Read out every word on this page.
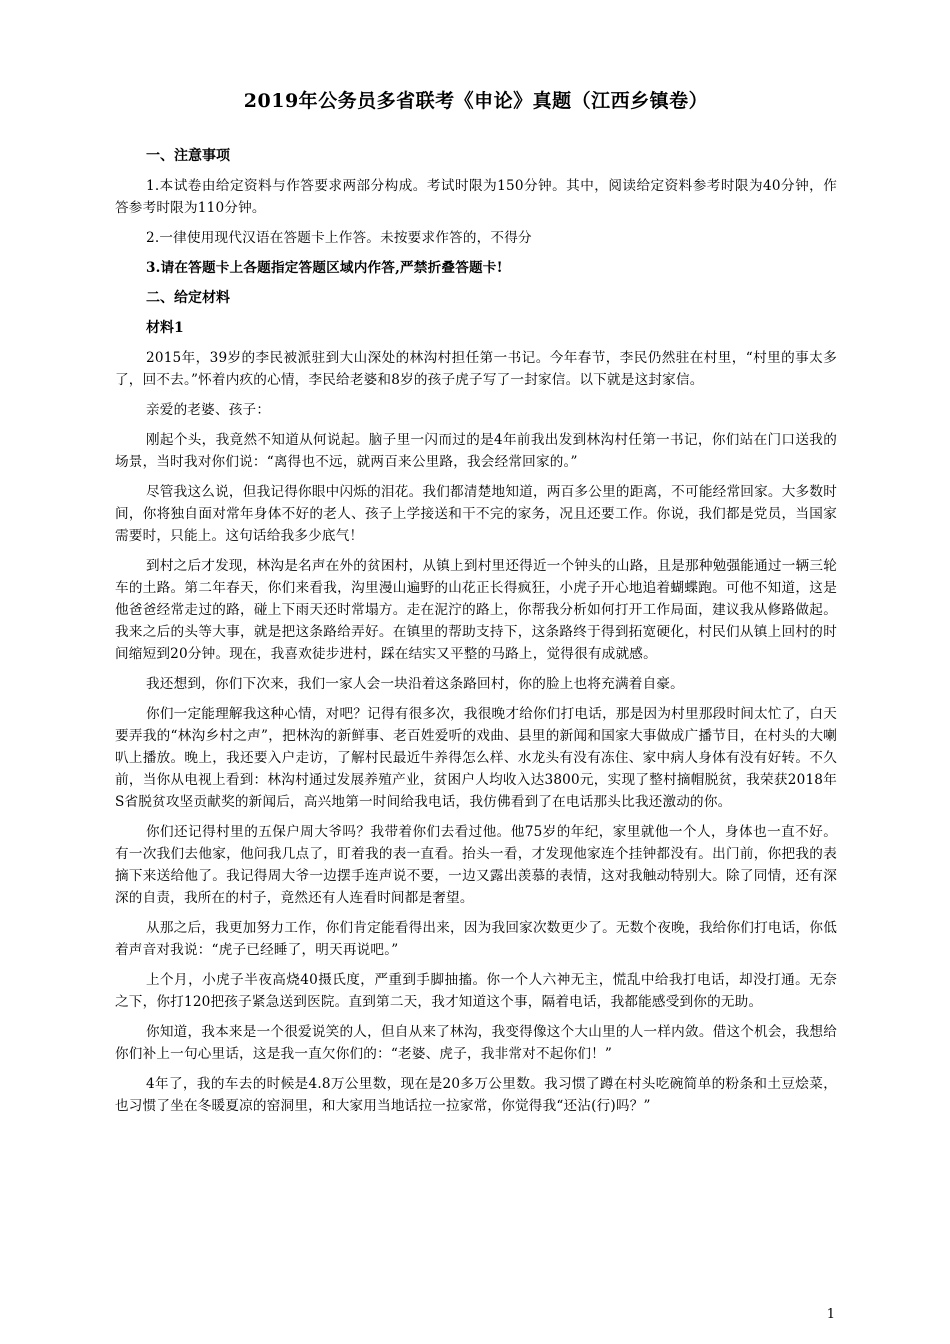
2019年公务员多省联考《申论》真题（江西乡镇卷）
一、注意事项

1.本试卷由给定资料与作答要求两部分构成。考试时限为150分钟。其中，阅读给定资料参考时限为40分钟，作答参考时限为110分钟。

2.一律使用现代汉语在答题卡上作答。未按要求作答的，不得分

3.请在答题卡上各题指定答题区域内作答,严禁折叠答题卡!

二、给定材料
材料1

2015年，39岁的李民被派驻到大山深处的林沟村担任第一书记。今年春节，李民仍然驻在村里，“村里的事太多了，回不去。”怀着内疚的心情，李民给老婆和8岁的孩子虎子写了一封家信。以下就是这封家信。

亲爱的老婆、孩子：

刚起个头，我竟然不知道从何说起。脑子里一闪而过的是4年前我出发到林沟村任第一书记，你们站在门口送我的场景，当时我对你们说：“离得也不远，就两百来公里路，我会经常回家的。”

尽管我这么说，但我记得你眼中闪烁的泪花。我们都清楚地知道，两百多公里的距离，不可能经常回家。大多数时间，你将独自面对常年身体不好的老人、孩子上学接送和干不完的家务，况且还要工作。你说，我们都是党员，当国家需要时，只能上。这句话给我多少底气！

到村之后才发现，林沟是名声在外的贫困村，从镇上到村里还得近一个钟头的山路，且是那种勉强能通过一辆三轮车的土路。第二年春天，你们来看我，沟里漫山遍野的山花正长得疯狂，小虎子开心地追着蝴蝶跑。可他不知道，这是他爸爸经常走过的路，碰上下雨天还时常塌方。走在泥泞的路上，你帮我分析如何打开工作局面，建议我从修路做起。我来之后的头等大事，就是把这条路给弄好。在镇里的帮助支持下，这条路终于得到拓宽硬化，村民们从镇上回村的时间缩短到20分钟。现在，我喜欢徒步进村，踩在结实又平整的马路上，觉得很有成就感。

我还想到，你们下次来，我们一家人会一块沿着这条路回村，你的脸上也将充满着自豪。

你们一定能理解我这种心情，对吧？记得有很多次，我很晚才给你们打电话，那是因为村里那段时间太忙了，白天要弄我的“林沟乡村之声”，把林沟的新鲜事、老百姓爱听的戏曲、县里的新闻和国家大事做成广播节目，在村头的大喇叭上播放。晚上，我还要入户走访，了解村民最近牛养得怎么样、水龙头有没有冻住、家中病人身体有没有好转。不久前，当你从电视上看到：林沟村通过发展养殖产业，贫困户人均收入达3800元，实现了整村摘帽脱贫，我荣获2018年S省脱贫攻坚贡献奖的新闻后，高兴地第一时间给我电话，我仿佛看到了在电话那头比我还激动的你。

你们还记得村里的五保户周大爷吗？我带着你们去看过他。他75岁的年纪，家里就他一个人，身体也一直不好。有一次我们去他家，他问我几点了，盯着我的表一直看。抬头一看，才发现他家连个挂钟都没有。出门前，你把我的表摘下来送给他了。我记得周大爷一边摆手连声说不要，一边又露出羡慕的表情，这对我触动特别大。除了同情，还有深深的自责，我所在的村子，竟然还有人连看时间都是奢望。

从那之后，我更加努力工作，你们肯定能看得出来，因为我回家次数更少了。无数个夜晚，我给你们打电话，你低着声音对我说：“虎子已经睡了，明天再说吧。”

上个月，小虎子半夜高烧40摄氏度，严重到手脚抽搐。你一个人六神无主，慌乱中给我打电话，却没打通。无奈之下，你打120把孩子紧急送到医院。直到第二天，我才知道这个事，隔着电话，我都能感受到你的无助。

你知道，我本来是一个很爱说笑的人，但自从来了林沟，我变得像这个大山里的人一样内敛。借这个机会，我想给你们补上一句心里话，这是我一直欠你们的：“老婆、虎子，我非常对不起你们！”

4年了，我的车去的时候是4.8万公里数，现在是20多万公里数。我习惯了蹲在村头吃碗简单的粉条和土豆烩菜，也习惯了坐在冬暖夏凉的窑洞里，和大家用当地话拉一拉家常，你觉得我“还沾(行)吗？”

1
